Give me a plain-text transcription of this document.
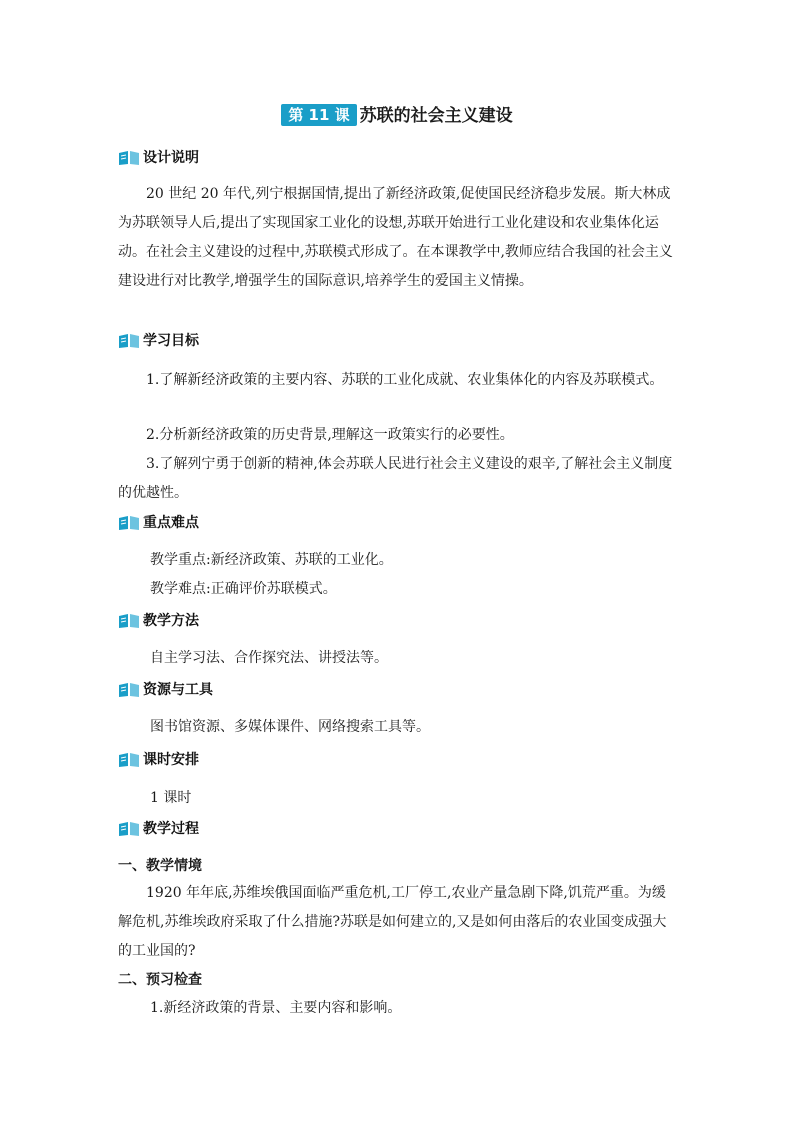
第 11 课 苏联的社会主义建设
设计说明

20 世纪 20 年代,列宁根据国情,提出了新经济政策,促使国民经济稳步发展。斯大林成为苏联领导人后,提出了实现国家工业化的设想,苏联开始进行工业化建设和农业集体化运动。在社会主义建设的过程中,苏联模式形成了。在本课教学中,教师应结合我国的社会主义建设进行对比教学,增强学生的国际意识,培养学生的爱国主义情操。

学习目标

1.了解新经济政策的主要内容、苏联的工业化成就、农业集体化的内容及苏联模式。

2.分析新经济政策的历史背景,理解这一政策实行的必要性。

3.了解列宁勇于创新的精神,体会苏联人民进行社会主义建设的艰辛,了解社会主义制度的优越性。

重点难点
教学重点:新经济政策、苏联的工业化。
教学难点:正确评价苏联模式。
教学方法
自主学习法、合作探究法、讲授法等。
资源与工具
图书馆资源、多媒体课件、网络搜索工具等。
课时安排
1 课时
教学过程
一、教学情境

1920 年年底,苏维埃俄国面临严重危机,工厂停工,农业产量急剧下降,饥荒严重。为缓解危机,苏维埃政府采取了什么措施?苏联是如何建立的,又是如何由落后的农业国变成强大的工业国的?

二、预习检查
1.新经济政策的背景、主要内容和影响。
